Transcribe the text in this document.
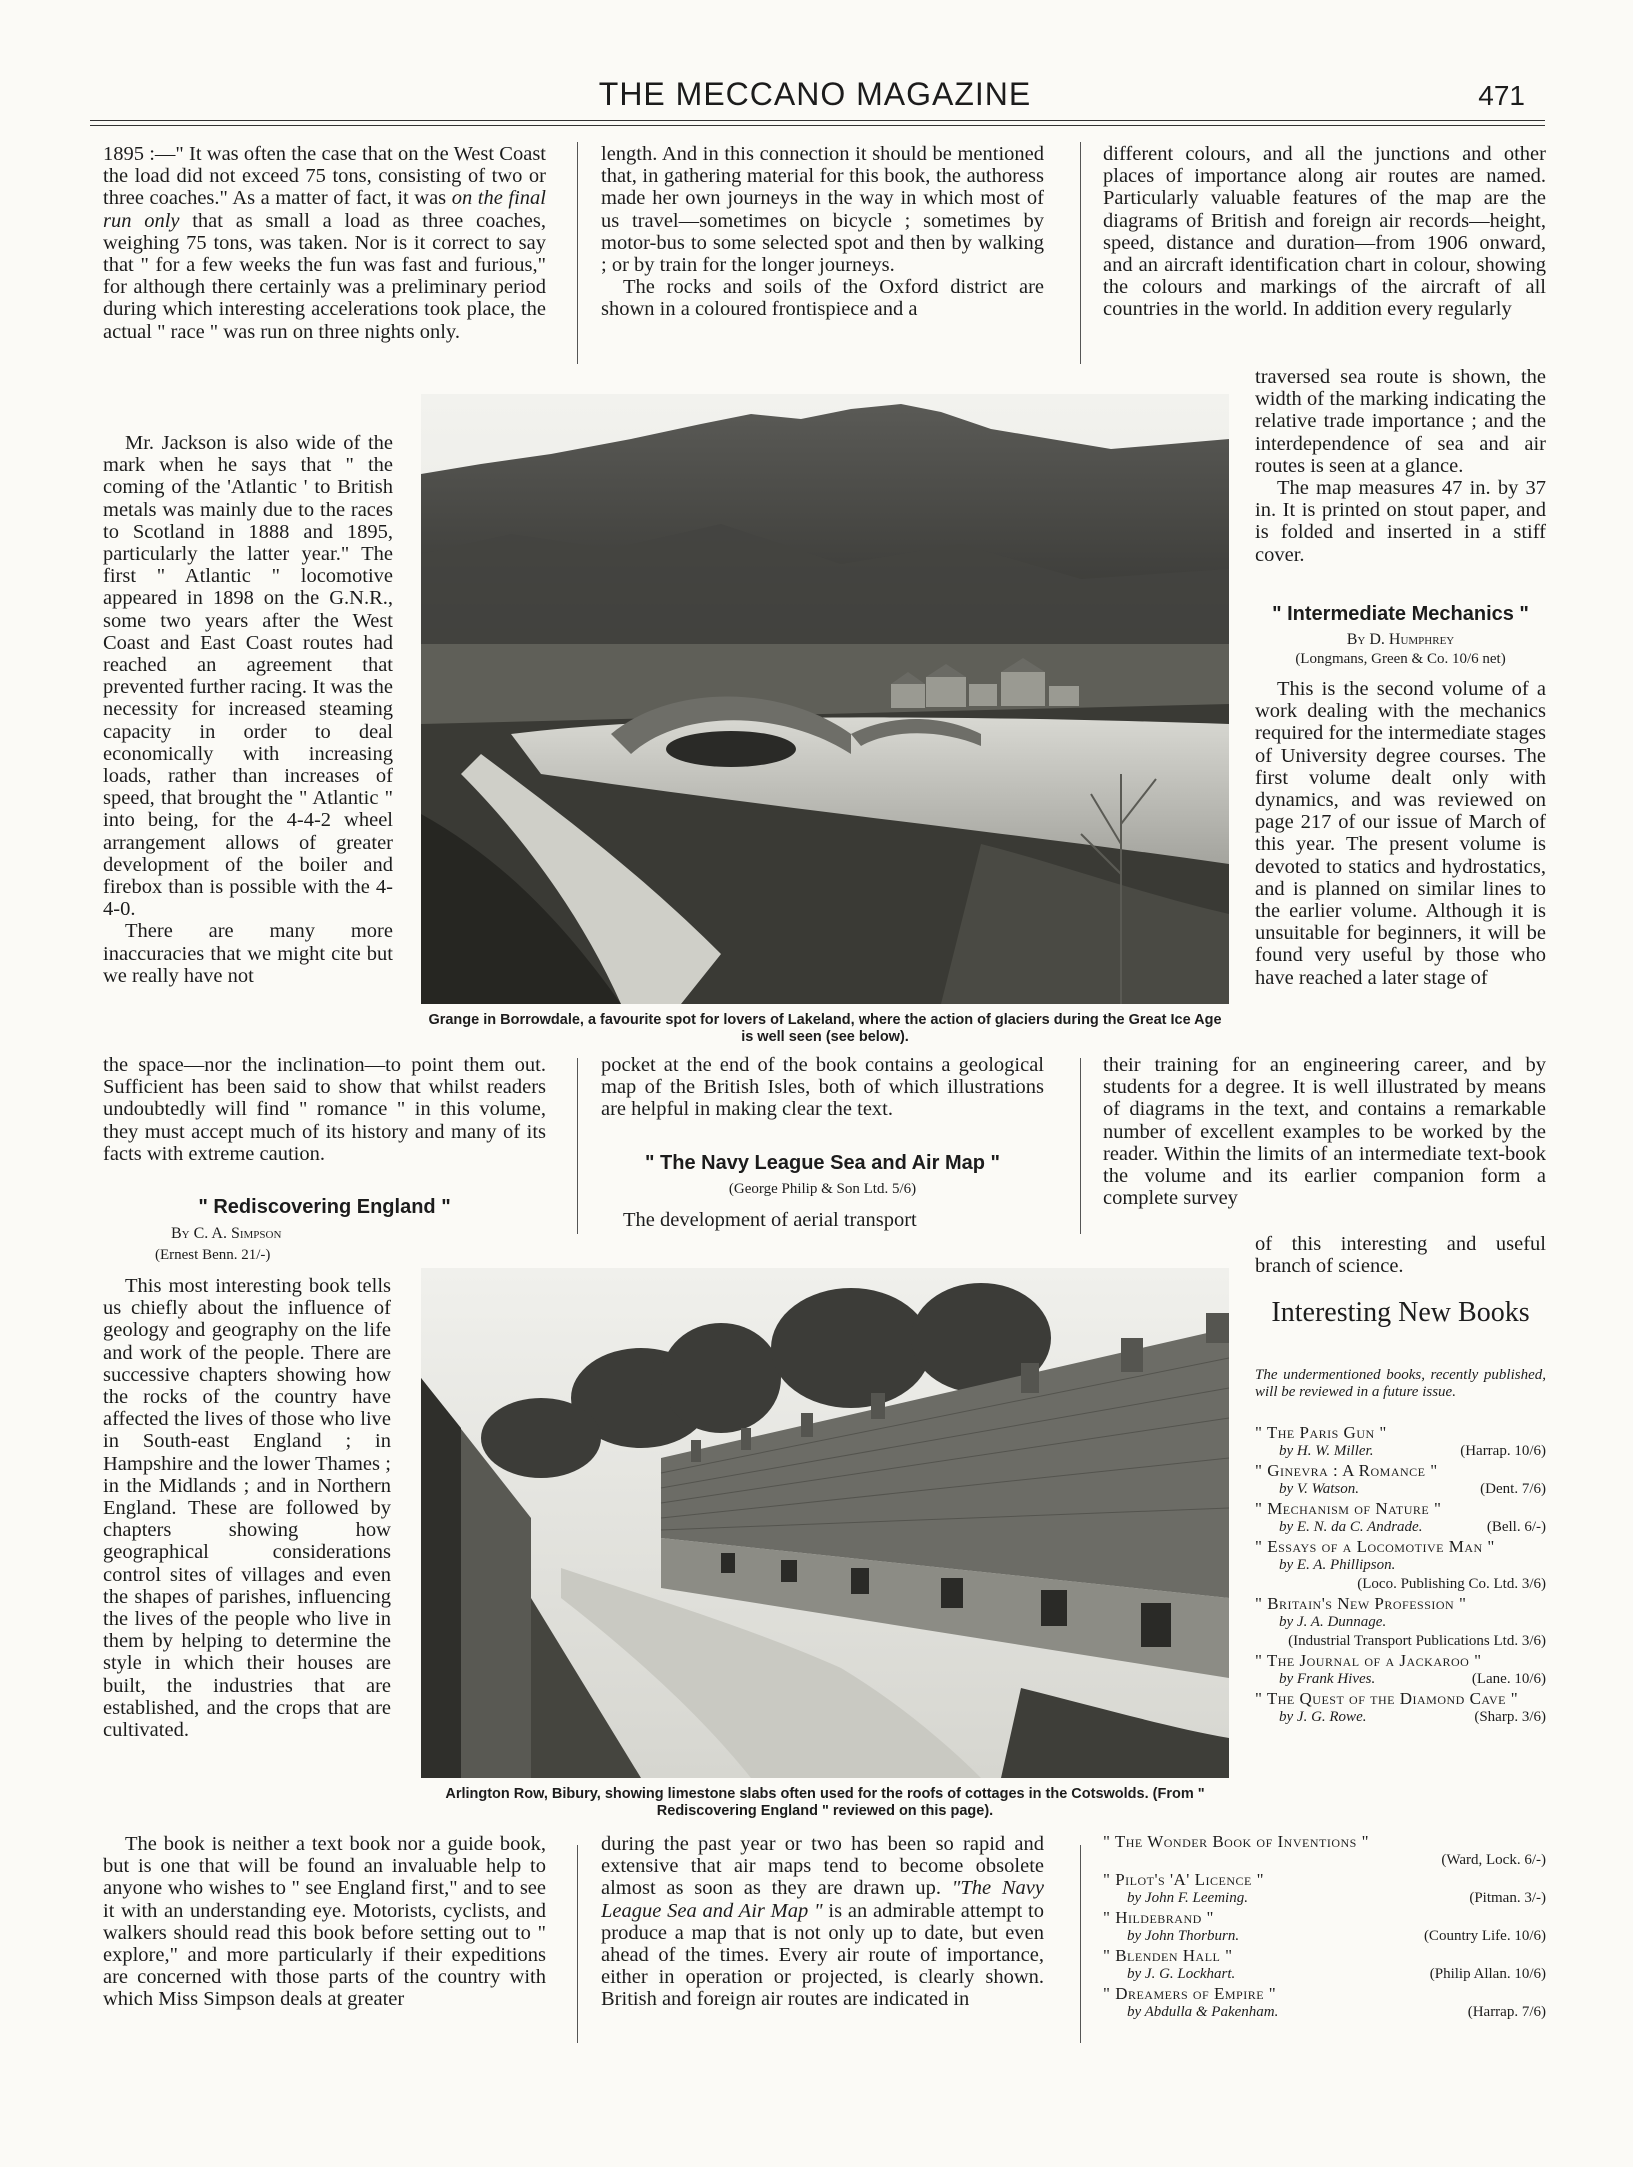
THE MECCANO MAGAZINE	471

1895 :—" It was often the case that on the West Coast the load did not exceed 75 tons, consisting of two or three coaches." As a matter of fact, it was on the final run only that as small a load as three coaches, weighing 75 tons, was taken. Nor is it correct to say that " for a few weeks the fun was fast and furious," for although there certainly was a preliminary period during which interesting accelerations took place, the actual " race " was run on three nights only.

Mr. Jackson is also wide of the mark when he says that " the coming of the 'Atlantic ' to British metals was mainly due to the races to Scotland in 1888 and 1895, particularly the latter year." The first " Atlantic " locomotive appeared in 1898 on the G.N.R., some two years after the West Coast and East Coast routes had reached an agreement that prevented further racing. It was the necessity for increased steaming capacity in order to deal economically with increasing loads, rather than increases of speed, that brought the " Atlantic " into being, for the 4-4-2 wheel arrangement allows of greater development of the boiler and firebox than is possible with the 4-4-0.

There are many more inaccuracies that we might cite but we really have not

the space—nor the inclination—to point them out. Sufficient has been said to show that whilst readers undoubtedly will find " romance " in this volume, they must accept much of its history and many of its facts with extreme caution.

" Rediscovering England "

By C. A. Simpson

(Ernest Benn. 21/-)

This most interesting book tells us chiefly about the influence of geology and geography on the life and work of the people. There are successive chapters showing how the rocks of the country have affected the lives of those who live in South-east England ; in Hampshire and the lower Thames ; in the Midlands ; and in Northern England. These are followed by chapters showing how geographical considerations control sites of villages and even the shapes of parishes, influencing the lives of the people who live in them by helping to determine the style in which their houses are built, the industries that are established, and the crops that are cultivated.

The book is neither a text book nor a guide book, but is one that will be found an invaluable help to anyone who wishes to " see England first," and to see it with an understanding eye. Motorists, cyclists, and walkers should read this book before setting out to " explore," and more particularly if their expeditions are concerned with those parts of the country with which Miss Simpson deals at greater

length. And in this connection it should be mentioned that, in gathering material for this book, the authoress made her own journeys in the way in which most of us travel—sometimes on bicycle ; sometimes by motor-bus to some selected spot and then by walking ; or by train for the longer journeys.

The rocks and soils of the Oxford district are shown in a coloured frontispiece and a

pocket at the end of the book contains a geological map of the British Isles, both of which illustrations are helpful in making clear the text.

" The Navy League Sea and Air Map "

(George Philip & Son Ltd. 5/6)

The development of aerial transport

during the past year or two has been so rapid and extensive that air maps tend to become obsolete almost as soon as they are drawn up. "The Navy League Sea and Air Map " is an admirable attempt to produce a map that is not only up to date, but even ahead of the times. Every air route of importance, either in operation or projected, is clearly shown. British and foreign air routes are indicated in

different colours, and all the junctions and other places of importance along air routes are named. Particularly valuable features of the map are the diagrams of British and foreign air records—height, speed, distance and duration—from 1906 onward, and an aircraft identification chart in colour, showing the colours and markings of the aircraft of all countries in the world. In addition every regularly

traversed sea route is shown, the width of the marking indicating the relative trade importance ; and the interdependence of sea and air routes is seen at a glance.

The map measures 47 in. by 37 in. It is printed on stout paper, and is folded and inserted in a stiff cover.

" Intermediate Mechanics "

By D. Humphrey

(Longmans, Green & Co. 10/6 net)

This is the second volume of a work dealing with the mechanics required for the intermediate stages of University degree courses. The first volume dealt only with dynamics, and was reviewed on page 217 of our issue of March of this year. The present volume is devoted to statics and hydrostatics, and is planned on similar lines to the earlier volume. Although it is unsuitable for beginners, it will be found very useful by those who have reached a later stage of

their training for an engineering career, and by students for a degree. It is well illustrated by means of diagrams in the text, and contains a remarkable number of excellent examples to be worked by the reader. Within the limits of an intermediate text-book the volume and its earlier companion form a complete survey

of this interesting and useful branch of science.

Grange in Borrowdale, a favourite spot for lovers of Lakeland, where the action of glaciers during the Great Ice Age is well seen (see below).
Arlington Row, Bibury, showing limestone slabs often used for the roofs of cottages in the Cotswolds. (From " Rediscovering England " reviewed on this page).
Interesting New Books
The undermentioned books, recently published, will be reviewed in a future issue.
" The Paris Gun "
by H. W. Miller.	(Harrap. 10/6)
" Ginevra : A Romance "
by V. Watson.	(Dent. 7/6)
" Mechanism of Nature "
by E. N. da C. Andrade.	(Bell. 6/-)
" Essays of a Locomotive Man "
by E. A. Phillipson.
(Loco. Publishing Co. Ltd. 3/6)
" Britain's New Profession "
by J. A. Dunnage.
(Industrial Transport Publications Ltd. 3/6)
" The Journal of a Jackaroo "
by Frank Hives.	(Lane. 10/6)
" The Quest of the Diamond Cave "
by J. G. Rowe.	(Sharp. 3/6)
" The Wonder Book of Inventions "
(Ward, Lock. 6/-)
" Pilot's 'A' Licence "
by John F. Leeming.	(Pitman. 3/-)
" Hildebrand "
by John Thorburn.	(Country Life. 10/6)
" Blenden Hall "
by J. G. Lockhart.	(Philip Allan. 10/6)
" Dreamers of Empire "
by Abdulla & Pakenham.	(Harrap. 7/6)
